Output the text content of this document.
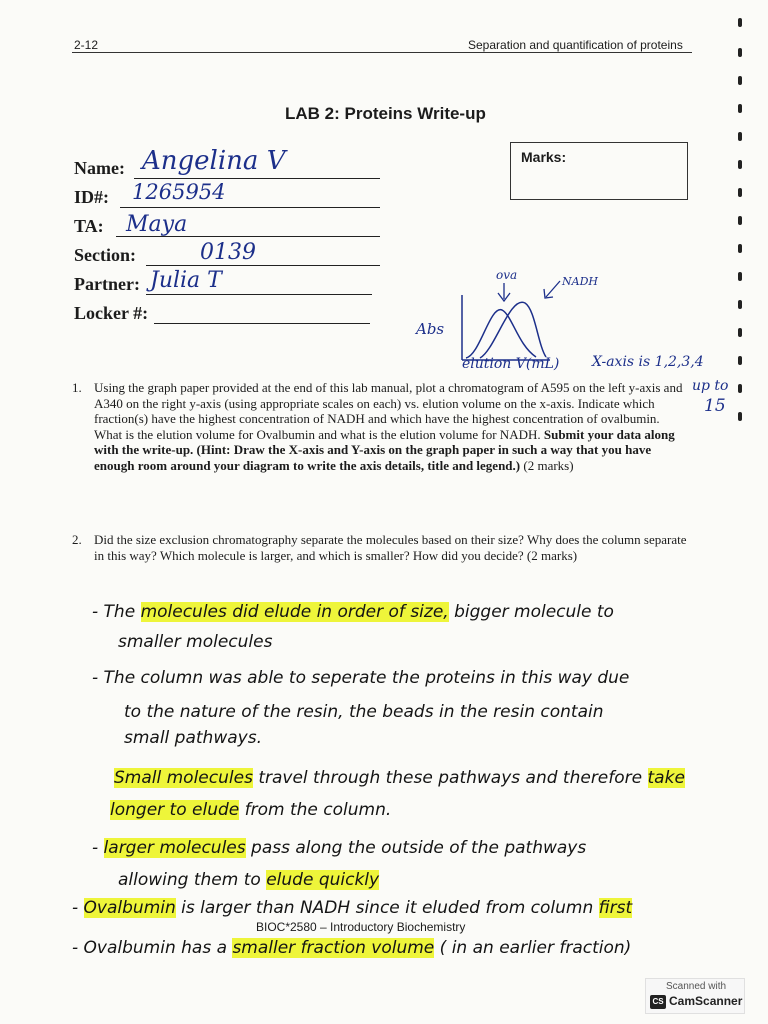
2-12	Separation and quantification of proteins
LAB 2: Proteins Write-up
Marks:
Name: Angelina V
ID#: 1265954
TA: Maya
Section:	0139
Partner: Julia T
Locker #:
ova	NADH
Abs
elution V(mL) X-axis is 1,2,3,4
up to
15
1. Using the graph paper provided at the end of this lab manual, plot a chromatogram of A595 on the left y-axis and A340 on the right y-axis (using appropriate scales on each) vs. elution volume on the x-axis. Indicate which fraction(s) have the highest concentration of NADH and which have the highest concentration of ovalbumin. What is the elution volume for Ovalbumin and what is the elution volume for NADH. Submit your data along with the write-up. (Hint: Draw the X-axis and Y-axis on the graph paper in such a way that you have enough room around your diagram to write the axis details, title and legend.) (2 marks)
2. Did the size exclusion chromatography separate the molecules based on their size? Why does the column separate in this way? Which molecule is larger, and which is smaller? How did you decide? (2 marks)
- The molecules did elude in order of size, bigger molecule to
smaller molecules
- The column was able to seperate the proteins in this way due
to the nature of the resin, the beads in the resin contain
small pathways.
Small molecules travel through these pathways and therefore take
longer to elude from the column.
- larger molecules pass along the outside of the pathways
allowing them to elude quickly
- Ovalbumin is larger than NADH since it eluded from column first
BIOC*2580 – Introductory Biochemistry
- Ovalbumin has a smaller fraction volume ( in an earlier fraction)
Scanned with
CS CamScanner
